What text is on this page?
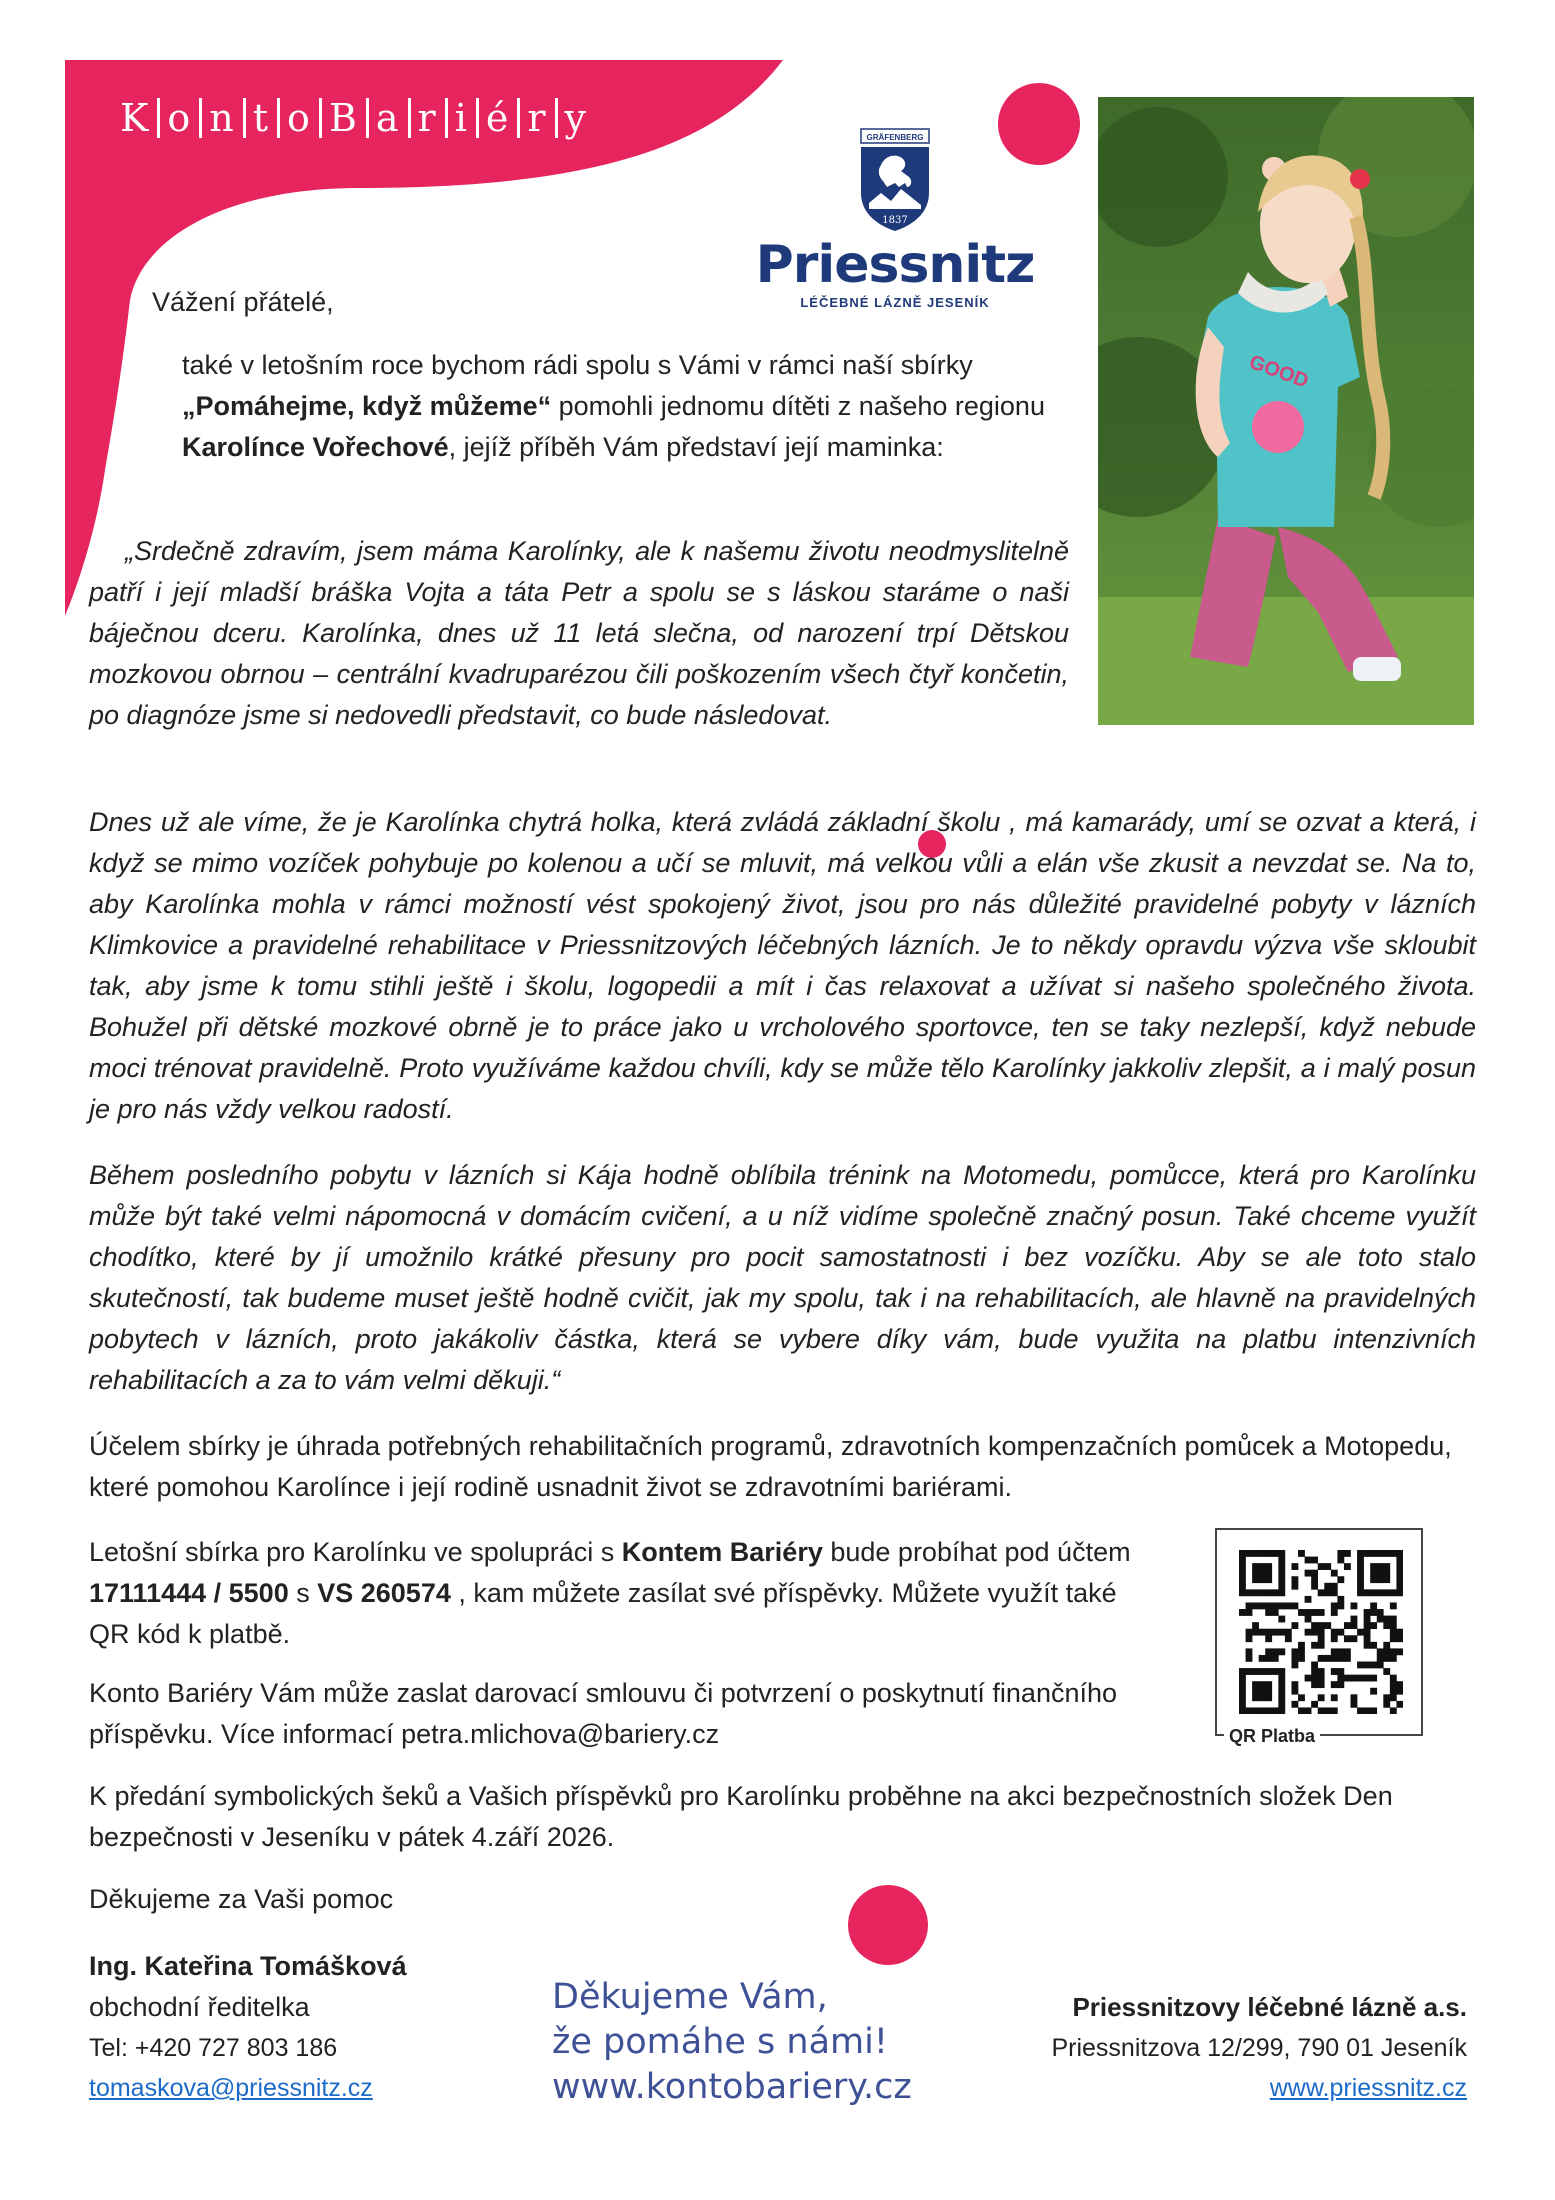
K o n t o B a r i é r y	GRÄFENBERG
1837
Priessnitz
LÉČEBNÉ LÁZNĚ JESENÍK
GOOD

Vážení přátelé,

také v letošním roce bychom rádi spolu s Vámi v rámci naší sbírky „Pomáhejme, když můžeme“ pomohli jednomu dítěti z našeho regionu Karolínce Vořechové, jejíž příběh Vám představí její maminka:

„Srdečně zdravím, jsem máma Karolínky, ale k našemu životu neodmyslitelně patří i její mladší bráška Vojta a táta Petr a spolu se s láskou staráme o naši báječnou dceru. Karolínka, dnes už 11 letá slečna, od narození trpí Dětskou mozkovou obrnou – centrální kvadruparézou čili poškozením všech čtyř končetin, po diagnóze jsme si nedovedli představit, co bude následovat.

Dnes už ale víme, že je Karolínka chytrá holka, která zvládá základní školu , má kamarády, umí se ozvat a která, i když se mimo vozíček pohybuje po kolenou a učí se mluvit, má velkou vůli a elán vše zkusit a nevzdat se. Na to, aby Karolínka mohla v rámci možností vést spokojený život, jsou pro nás důležité pravidelné pobyty v lázních Klimkovice a pravidelné rehabilitace v Priessnitzových léčebných lázních. Je to někdy opravdu výzva vše skloubit tak, aby jsme k tomu stihli ještě i školu, logopedii a mít i čas relaxovat a užívat si našeho společného života. Bohužel při dětské mozkové obrně je to práce jako u vrcholového sportovce, ten se taky nezlepší, když nebude moci trénovat pravidelně. Proto využíváme každou chvíli, kdy se může tělo Karolínky jakkoliv zlepšit, a i malý posun je pro nás vždy velkou radostí.

Během posledního pobytu v lázních si Kája hodně oblíbila trénink na Motomedu, pomůcce, která pro Karolínku může být také velmi nápomocná v domácím cvičení, a u níž vidíme společně značný posun. Také chceme využít chodítko, které by jí umožnilo krátké přesuny pro pocit samostatnosti i bez vozíčku. Aby se ale toto stalo skutečností, tak budeme muset ještě hodně cvičit, jak my spolu, tak i na rehabilitacích, ale hlavně na pravidelných pobytech v lázních, proto jakákoliv částka, která se vybere díky vám, bude využita na platbu intenzivních rehabilitacích a za to vám velmi děkuji.“

Účelem sbírky je úhrada potřebných rehabilitačních programů, zdravotních kompenzačních pomůcek a Motopedu, které pomohou Karolínce i její rodině usnadnit život se zdravotními bariérami.

Letošní sbírka pro Karolínku ve spolupráci s Kontem Bariéry bude probíhat pod účtem 17111444 / 5500 s VS 260574 , kam můžete zasílat své příspěvky. Můžete využít také QR kód k platbě.

Konto Bariéry Vám může zaslat darovací smlouvu či potvrzení o poskytnutí finančního příspěvku. Více informací petra.mlichova@bariery.cz

K předání symbolických šeků a Vašich příspěvků pro Karolínku proběhne na akci bezpečnostních složek Den bezpečnosti v Jeseníku v pátek 4.září 2026.

Děkujeme za Vaši pomoc

QR Platba

Ing. Kateřina Tomášková

obchodní ředitelka

Tel: +420 727 803 186

tomaskova@priessnitz.cz
Děkujeme Vám,
že pomáhe s námi!
www.kontobariery.cz

Priessnitzovy léčebné lázně a.s.

Priessnitzova 12/299, 790 01 Jeseník

www.priessnitz.cz
